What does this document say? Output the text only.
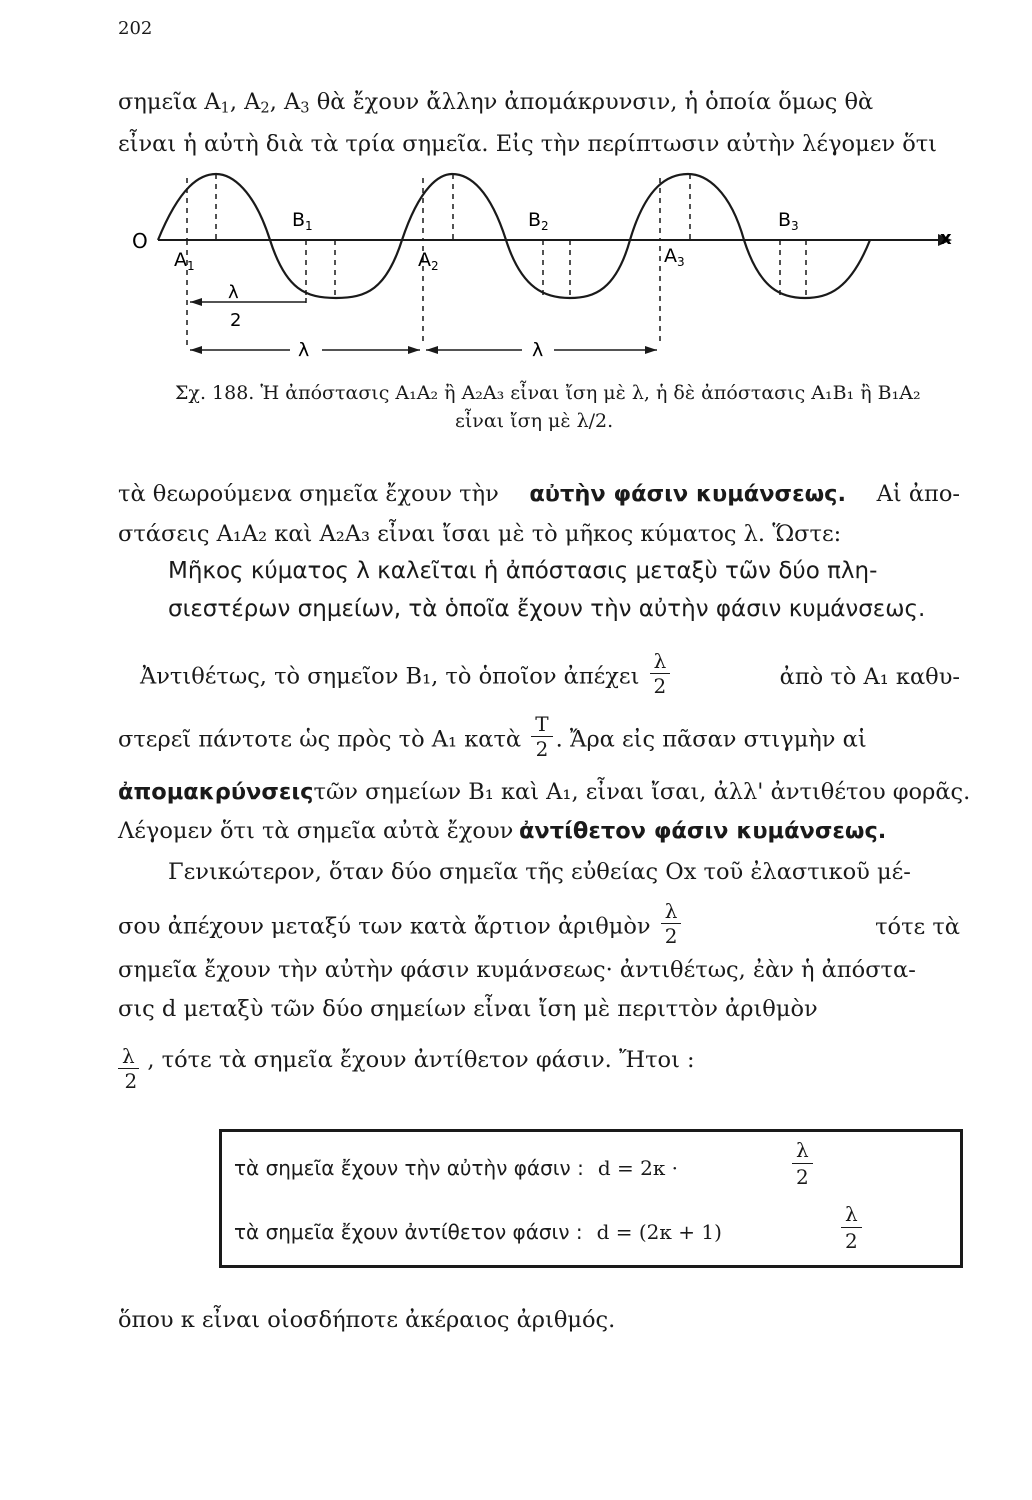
202
σημεῖα $A_1$, $A_2$, $A_3$ θὰ ἔχουν ἄλλην ἀπομάκρυνσιν, ἡ ὁποία ὅμως θὰ
εἶναι ἡ αὐτὴ διὰ τὰ τρία σημεῖα. Εἰς τὴν περίπτωσιν αὐτὴν λέγομεν ὅτι
O	x
$A_1$
$B_1$
$A_2$
$B_2$
$A_3$
$B_3$
λ
2
λ	λ
Σχ. 188. Ἡ ἀπόστασις A₁A₂ ἢ A₂A₃ εἶναι ἴση μὲ λ, ἡ δὲ ἀπόστασις A₁B₁ ἢ B₁A₂
εἶναι ἴση μὲ λ/2.
τὰ θεωρούμενα σημεῖα ἔχουν τὴν αὐτὴν φάσιν κυμάνσεως. Αἱ ἀπο-
στάσεις A₁A₂ καὶ A₂A₃ εἶναι ἴσαι μὲ τὸ μῆκος κύματος λ. Ὥστε:
Μῆκος κύματος λ καλεῖται ἡ ἀπόστασις μεταξὺ τῶν δύο πλη-
σιεστέρων σημείων, τὰ ὁποῖα ἔχουν τὴν αὐτὴν φάσιν κυμάνσεως.
Ἀντιθέτως, τὸ σημεῖον B₁, τὸ ὁποῖον ἀπέχει $\frac{\lambda}{2}$	ἀπὸ τὸ A₁ καθυ-
στερεῖ πάντοτε ὡς πρὸς τὸ A₁ κατὰ $\frac{T}{2}$ . Ἄρα εἰς πᾶσαν στιγμὴν αἱ
ἀπομακρύνσεις τῶν σημείων B₁ καὶ A₁, εἶναι ἴσαι, ἀλλ' ἀντιθέτου φορᾶς.
Λέγομεν ὅτι τὰ σημεῖα αὐτὰ ἔχουν ἀντίθετον φάσιν κυμάνσεως.
Γενικώτερον, ὅταν δύο σημεῖα τῆς εὐθείας Ox τοῦ ἐλαστικοῦ μέ-
σου ἀπέχουν μεταξύ των κατὰ ἄρτιον ἀριθμὸν $\frac{\lambda}{2}$	τότε τὰ
σημεῖα ἔχουν τὴν αὐτὴν φάσιν κυμάνσεως· ἀντιθέτως, ἐὰν ἡ ἀπόστα-
σις d μεταξὺ τῶν δύο σημείων εἶναι ἴση μὲ περιττὸν ἀριθμὸν
$\frac{\lambda}{2}$ , τότε τὰ σημεῖα ἔχουν ἀντίθετον φάσιν. Ἤτοι :
τὰ σημεῖα ἔχουν τὴν αὐτὴν φάσιν : d = 2κ ·	$\frac{\lambda}{2}$
τὰ σημεῖα ἔχουν ἀντίθετον φάσιν : d = (2κ + 1)	$\frac{\lambda}{2}$
ὅπου κ εἶναι οἱοσδήποτε ἀκέραιος ἀριθμός.
